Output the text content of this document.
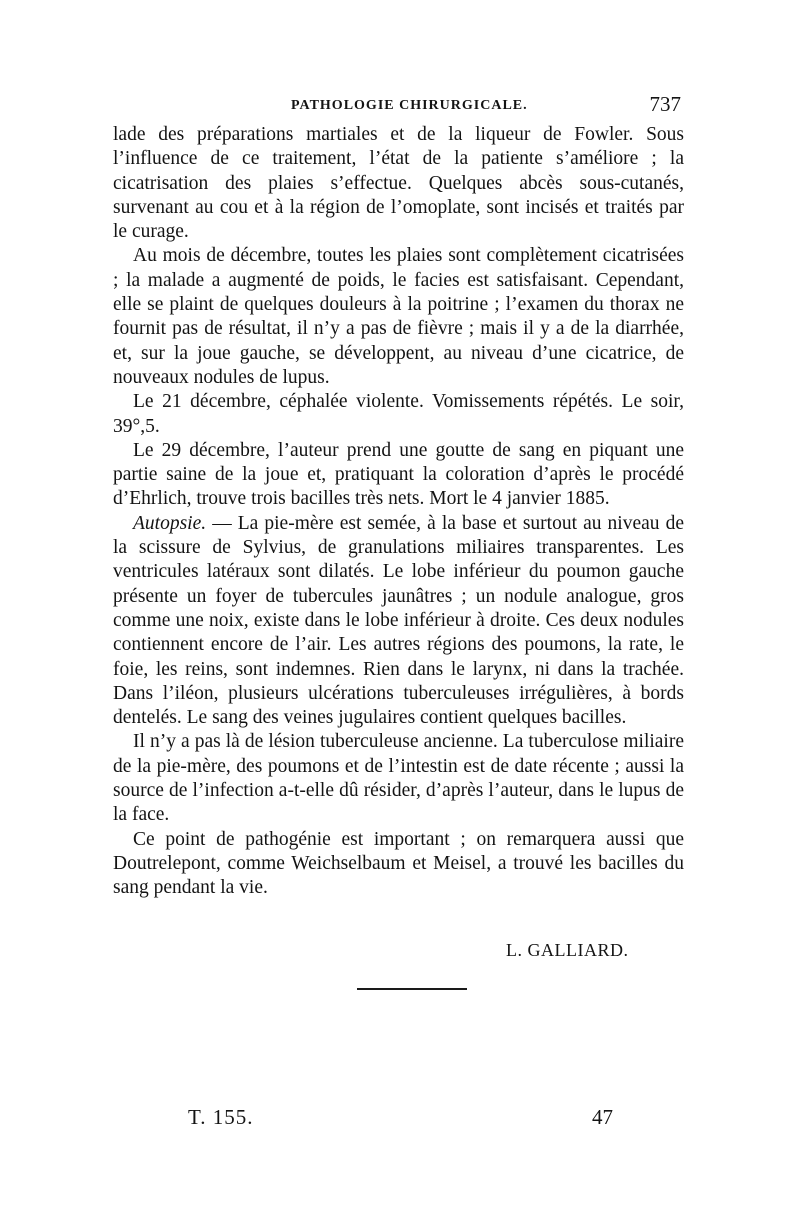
PATHOLOGIE CHIRURGICALE.	737

lade des préparations martiales et de la liqueur de Fowler. Sous l’influence de ce traitement, l’état de la patiente s’améliore ; la cicatrisation des plaies s’effectue. Quelques abcès sous-cutanés, survenant au cou et à la région de l’omoplate, sont incisés et traités par le curage.

Au mois de décembre, toutes les plaies sont complètement cicatrisées ; la malade a augmenté de poids, le facies est satisfaisant. Cependant, elle se plaint de quelques douleurs à la poitrine ; l’examen du thorax ne fournit pas de résultat, il n’y a pas de fièvre ; mais il y a de la diarrhée, et, sur la joue gauche, se développent, au niveau d’une cicatrice, de nouveaux nodules de lupus.

Le 21 décembre, céphalée violente. Vomissements répétés. Le soir, 39°,5.

Le 29 décembre, l’auteur prend une goutte de sang en piquant une partie saine de la joue et, pratiquant la coloration d’après le procédé d’Ehrlich, trouve trois bacilles très nets. Mort le 4 janvier 1885.

Autopsie. — La pie-mère est semée, à la base et surtout au niveau de la scissure de Sylvius, de granulations miliaires transparentes. Les ventricules latéraux sont dilatés. Le lobe inférieur du poumon gauche présente un foyer de tubercules jaunâtres ; un nodule analogue, gros comme une noix, existe dans le lobe inférieur à droite. Ces deux nodules contiennent encore de l’air. Les autres régions des poumons, la rate, le foie, les reins, sont indemnes. Rien dans le larynx, ni dans la trachée. Dans l’iléon, plusieurs ulcérations tuberculeuses irrégulières, à bords dentelés. Le sang des veines jugulaires contient quelques bacilles.

Il n’y a pas là de lésion tuberculeuse ancienne. La tuberculose miliaire de la pie-mère, des poumons et de l’intestin est de date récente ; aussi la source de l’infection a-t-elle dû résider, d’après l’auteur, dans le lupus de la face.

Ce point de pathogénie est important ; on remarquera aussi que Doutrelepont, comme Weichselbaum et Meisel, a trouvé les bacilles du sang pendant la vie.

L. GALLIARD.
T. 155.	47
